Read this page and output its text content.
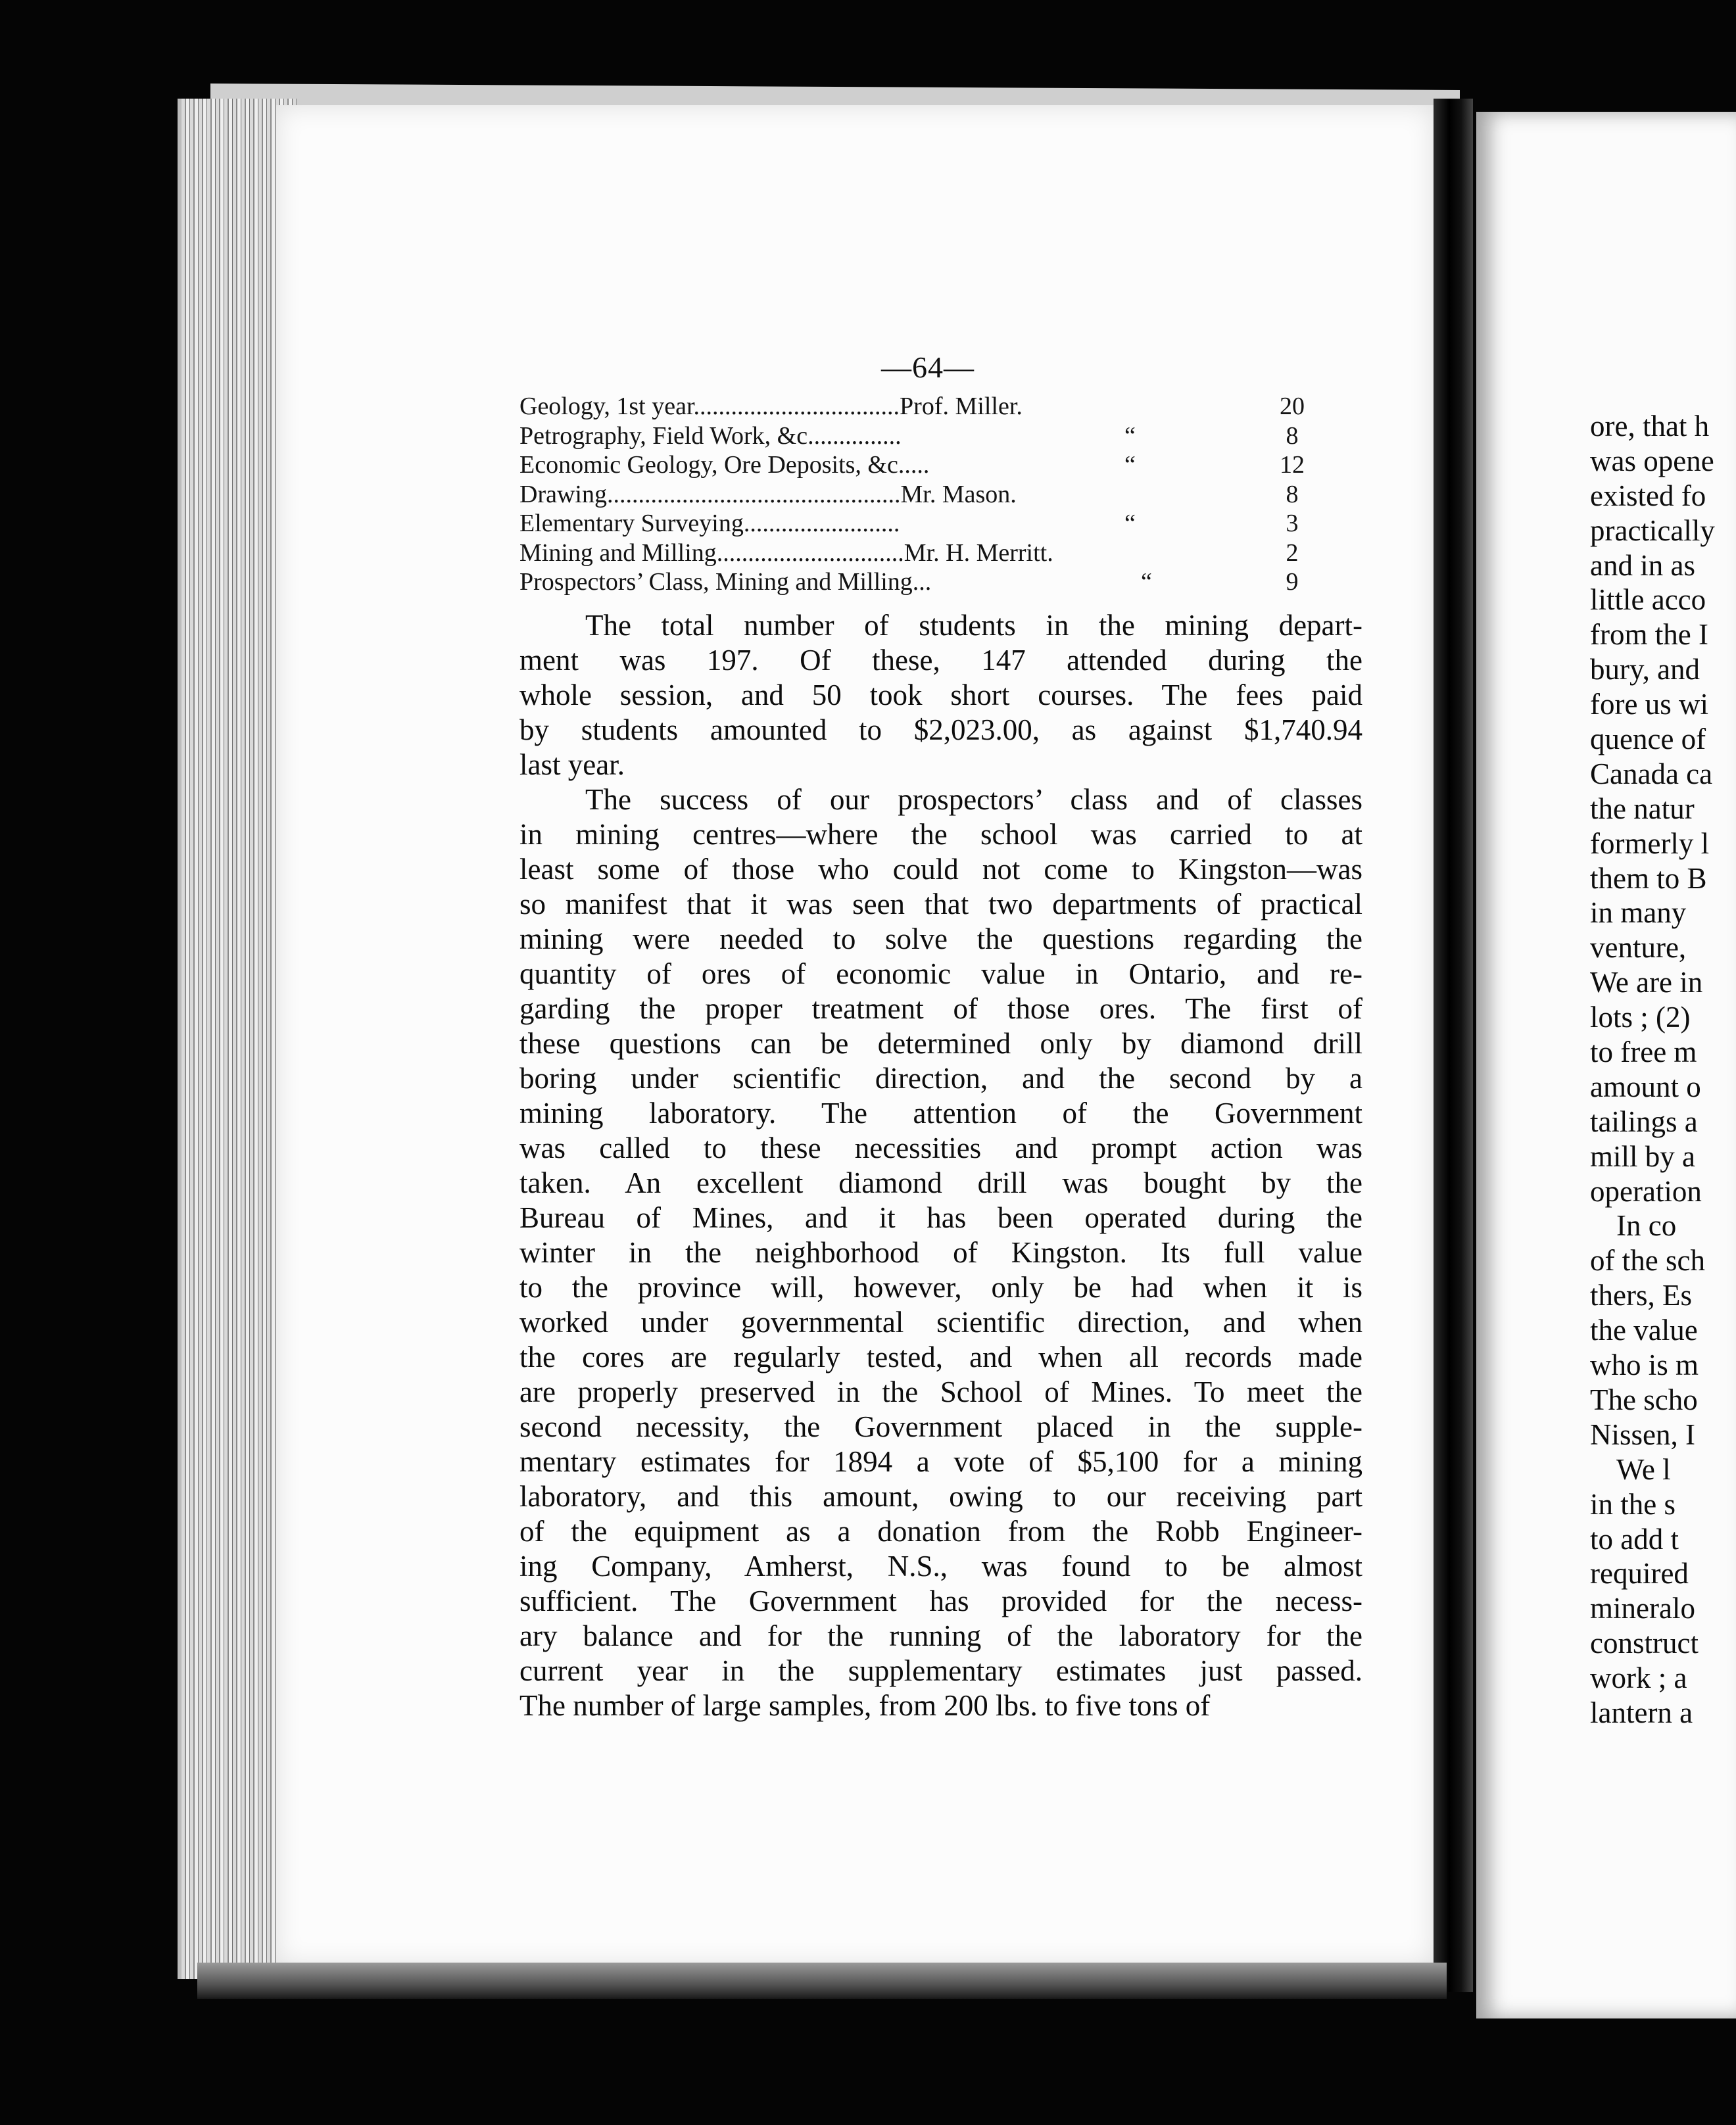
—64—
Geology, 1st year.................................Prof. Miller.	20
Petrography, Field Work, &c...............	“	8
Economic Geology, Ore Deposits, &c.....	“	12
Drawing...............................................Mr. Mason.	8
Elementary Surveying.........................	“	3
Mining and Milling..............................Mr. H. Merritt.	2
Prospectors’ Class, Mining and Milling...	“	9
The total number of students in the mining depart-
ment was 197. Of these, 147 attended during the
whole session, and 50 took short courses. The fees paid
by students amounted to $2,023.00, as against $1,740.94
last year.
The success of our prospectors’ class and of classes
in mining centres—where the school was carried to at
least some of those who could not come to Kingston—was
so manifest that it was seen that two departments of practical
mining were needed to solve the questions regarding the
quantity of ores of economic value in Ontario, and re-
garding the proper treatment of those ores. The first of
these questions can be determined only by diamond drill
boring under scientific direction, and the second by a
mining laboratory. The attention of the Government
was called to these necessities and prompt action was
taken. An excellent diamond drill was bought by the
Bureau of Mines, and it has been operated during the
winter in the neighborhood of Kingston. Its full value
to the province will, however, only be had when it is
worked under governmental scientific direction, and when
the cores are regularly tested, and when all records made
are properly preserved in the School of Mines. To meet the
second necessity, the Government placed in the supple-
mentary estimates for 1894 a vote of $5,100 for a mining
laboratory, and this amount, owing to our receiving part
of the equipment as a donation from the Robb Engineer-
ing Company, Amherst, N.S., was found to be almost
sufficient. The Government has provided for the necess-
ary balance and for the running of the laboratory for the
current year in the supplementary estimates just passed.
The number of large samples, from 200 lbs. to five tons of
ore, that h
was opene
existed fo
practically
and in as
little acco
from the I
bury, and
fore us wi
quence of
Canada ca
the natur
formerly l
them to B
in many
venture,
We are in
lots ; (2)
to free m
amount o
tailings a
mill by a
operation
In co
of the sch
thers, Es
the value
who is m
The scho
Nissen, I
We l
in the s
to add t
required
mineralo
construct
work ; a
lantern a
